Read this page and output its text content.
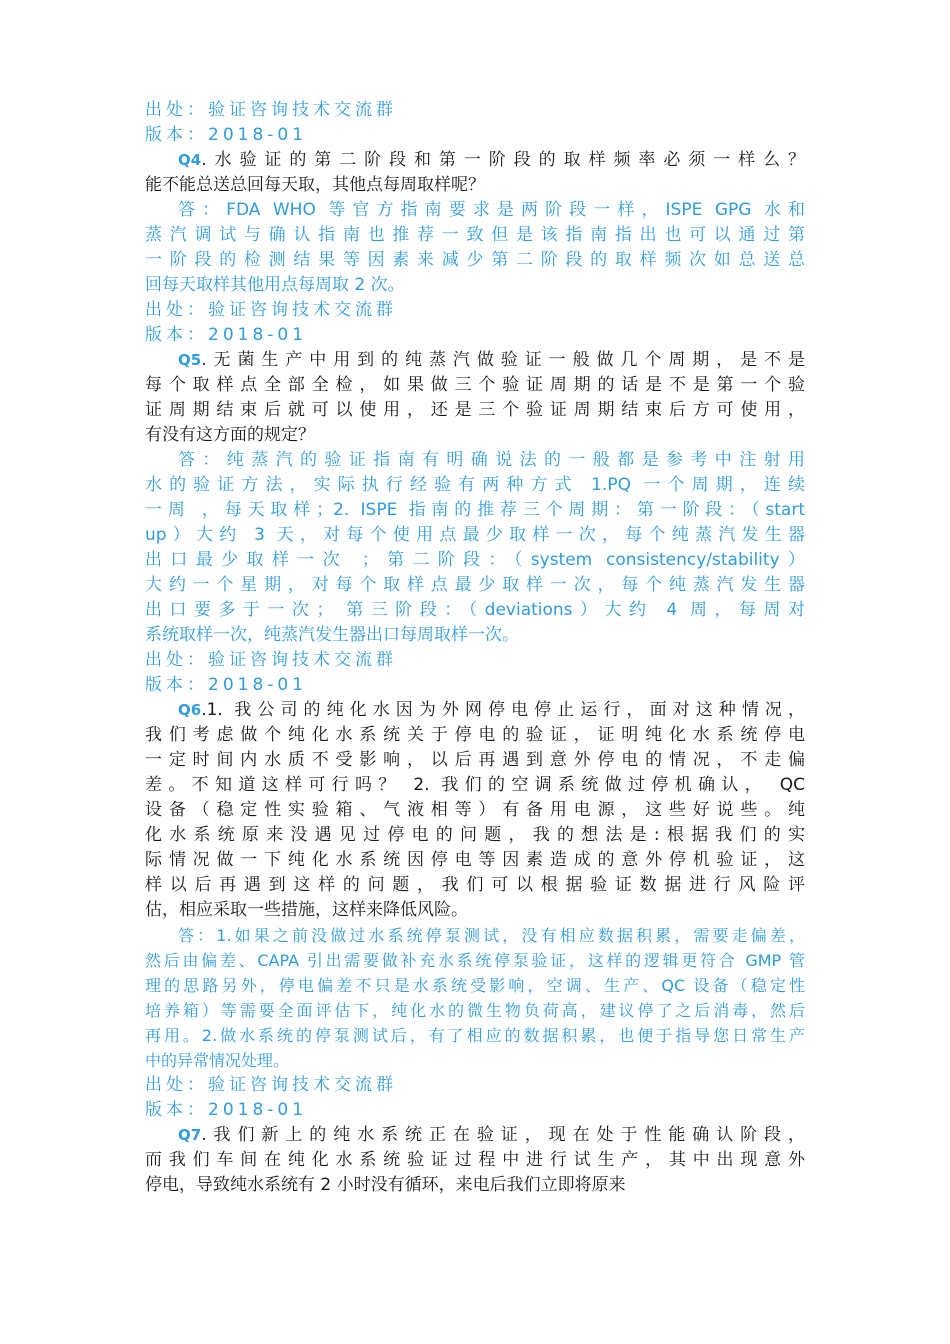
出处：验证咨询技术交流群
版本：2018-01
Q4.水验证的第二阶段和第一阶段的取样频率必须一样么？
能不能总送总回每天取，其他点每周取样呢？
答：FDA WHO 等官方指南要求是两阶段一样，ISPE GPG 水和
蒸汽调试与确认指南也推荐一致但是该指南指出也可以通过第
一阶段的检测结果等因素来减少第二阶段的取样频次如总送总
回每天取样其他用点每周取 2 次。
出处：验证咨询技术交流群
版本：2018-01
Q5.无菌生产中用到的纯蒸汽做验证一般做几个周期，是不是
每个取样点全部全检，如果做三个验证周期的话是不是第一个验
证周期结束后就可以使用，还是三个验证周期结束后方可使用，
有没有这方面的规定？
答：纯蒸汽的验证指南有明确说法的一般都是参考中注射用
水的验证方法，实际执行经验有两种方式 1.PQ 一个周期，连续
一周 ，每天取样；2. ISPE 指南的推荐三个周期：第一阶段：（start
up）大约 3 天，对每个使用点最少取样一次，每个纯蒸汽发生器
出口最少取样一次 ；第二阶段：（system consistency/stability）
大约一个星期，对每个取样点最少取样一次，每个纯蒸汽发生器
出口要多于一次； 第三阶段：（deviations）大约 4 周，每周对
系统取样一次，纯蒸汽发生器出口每周取样一次。
出处：验证咨询技术交流群
版本：2018-01
Q6.1. 我公司的纯化水因为外网停电停止运行，面对这种情况，
我们考虑做个纯化水系统关于停电的验证，证明纯化水系统停电
一定时间内水质不受影响，以后再遇到意外停电的情况，不走偏
差。不知道这样可行吗？ 2. 我们的空调系统做过停机确认， QC
设备（稳定性实验箱、气液相等）有备用电源，这些好说些。纯
化水系统原来没遇见过停电的问题，我的想法是:根据我们的实
际情况做一下纯化水系统因停电等因素造成的意外停机验证，这
样以后再遇到这样的问题，我们可以根据验证数据进行风险评
估，相应采取一些措施，这样来降低风险。
答：1.如果之前没做过水系统停泵测试，没有相应数据积累，需要走偏差，
然后由偏差、CAPA 引出需要做补充水系统停泵验证，这样的逻辑更符合 GMP 管
理的思路另外，停电偏差不只是水系统受影响，空调、生产、QC 设备（稳定性
培养箱）等需要全面评估下，纯化水的微生物负荷高，建议停了之后消毒，然后
再用。2.做水系统的停泵测试后，有了相应的数据积累，也便于指导您日常生产
中的异常情况处理。
出处：验证咨询技术交流群
版本：2018-01
Q7.我们新上的纯水系统正在验证，现在处于性能确认阶段，
而我们车间在纯化水系统验证过程中进行试生产，其中出现意外
停电，导致纯水系统有 2 小时没有循环，来电后我们立即将原来
